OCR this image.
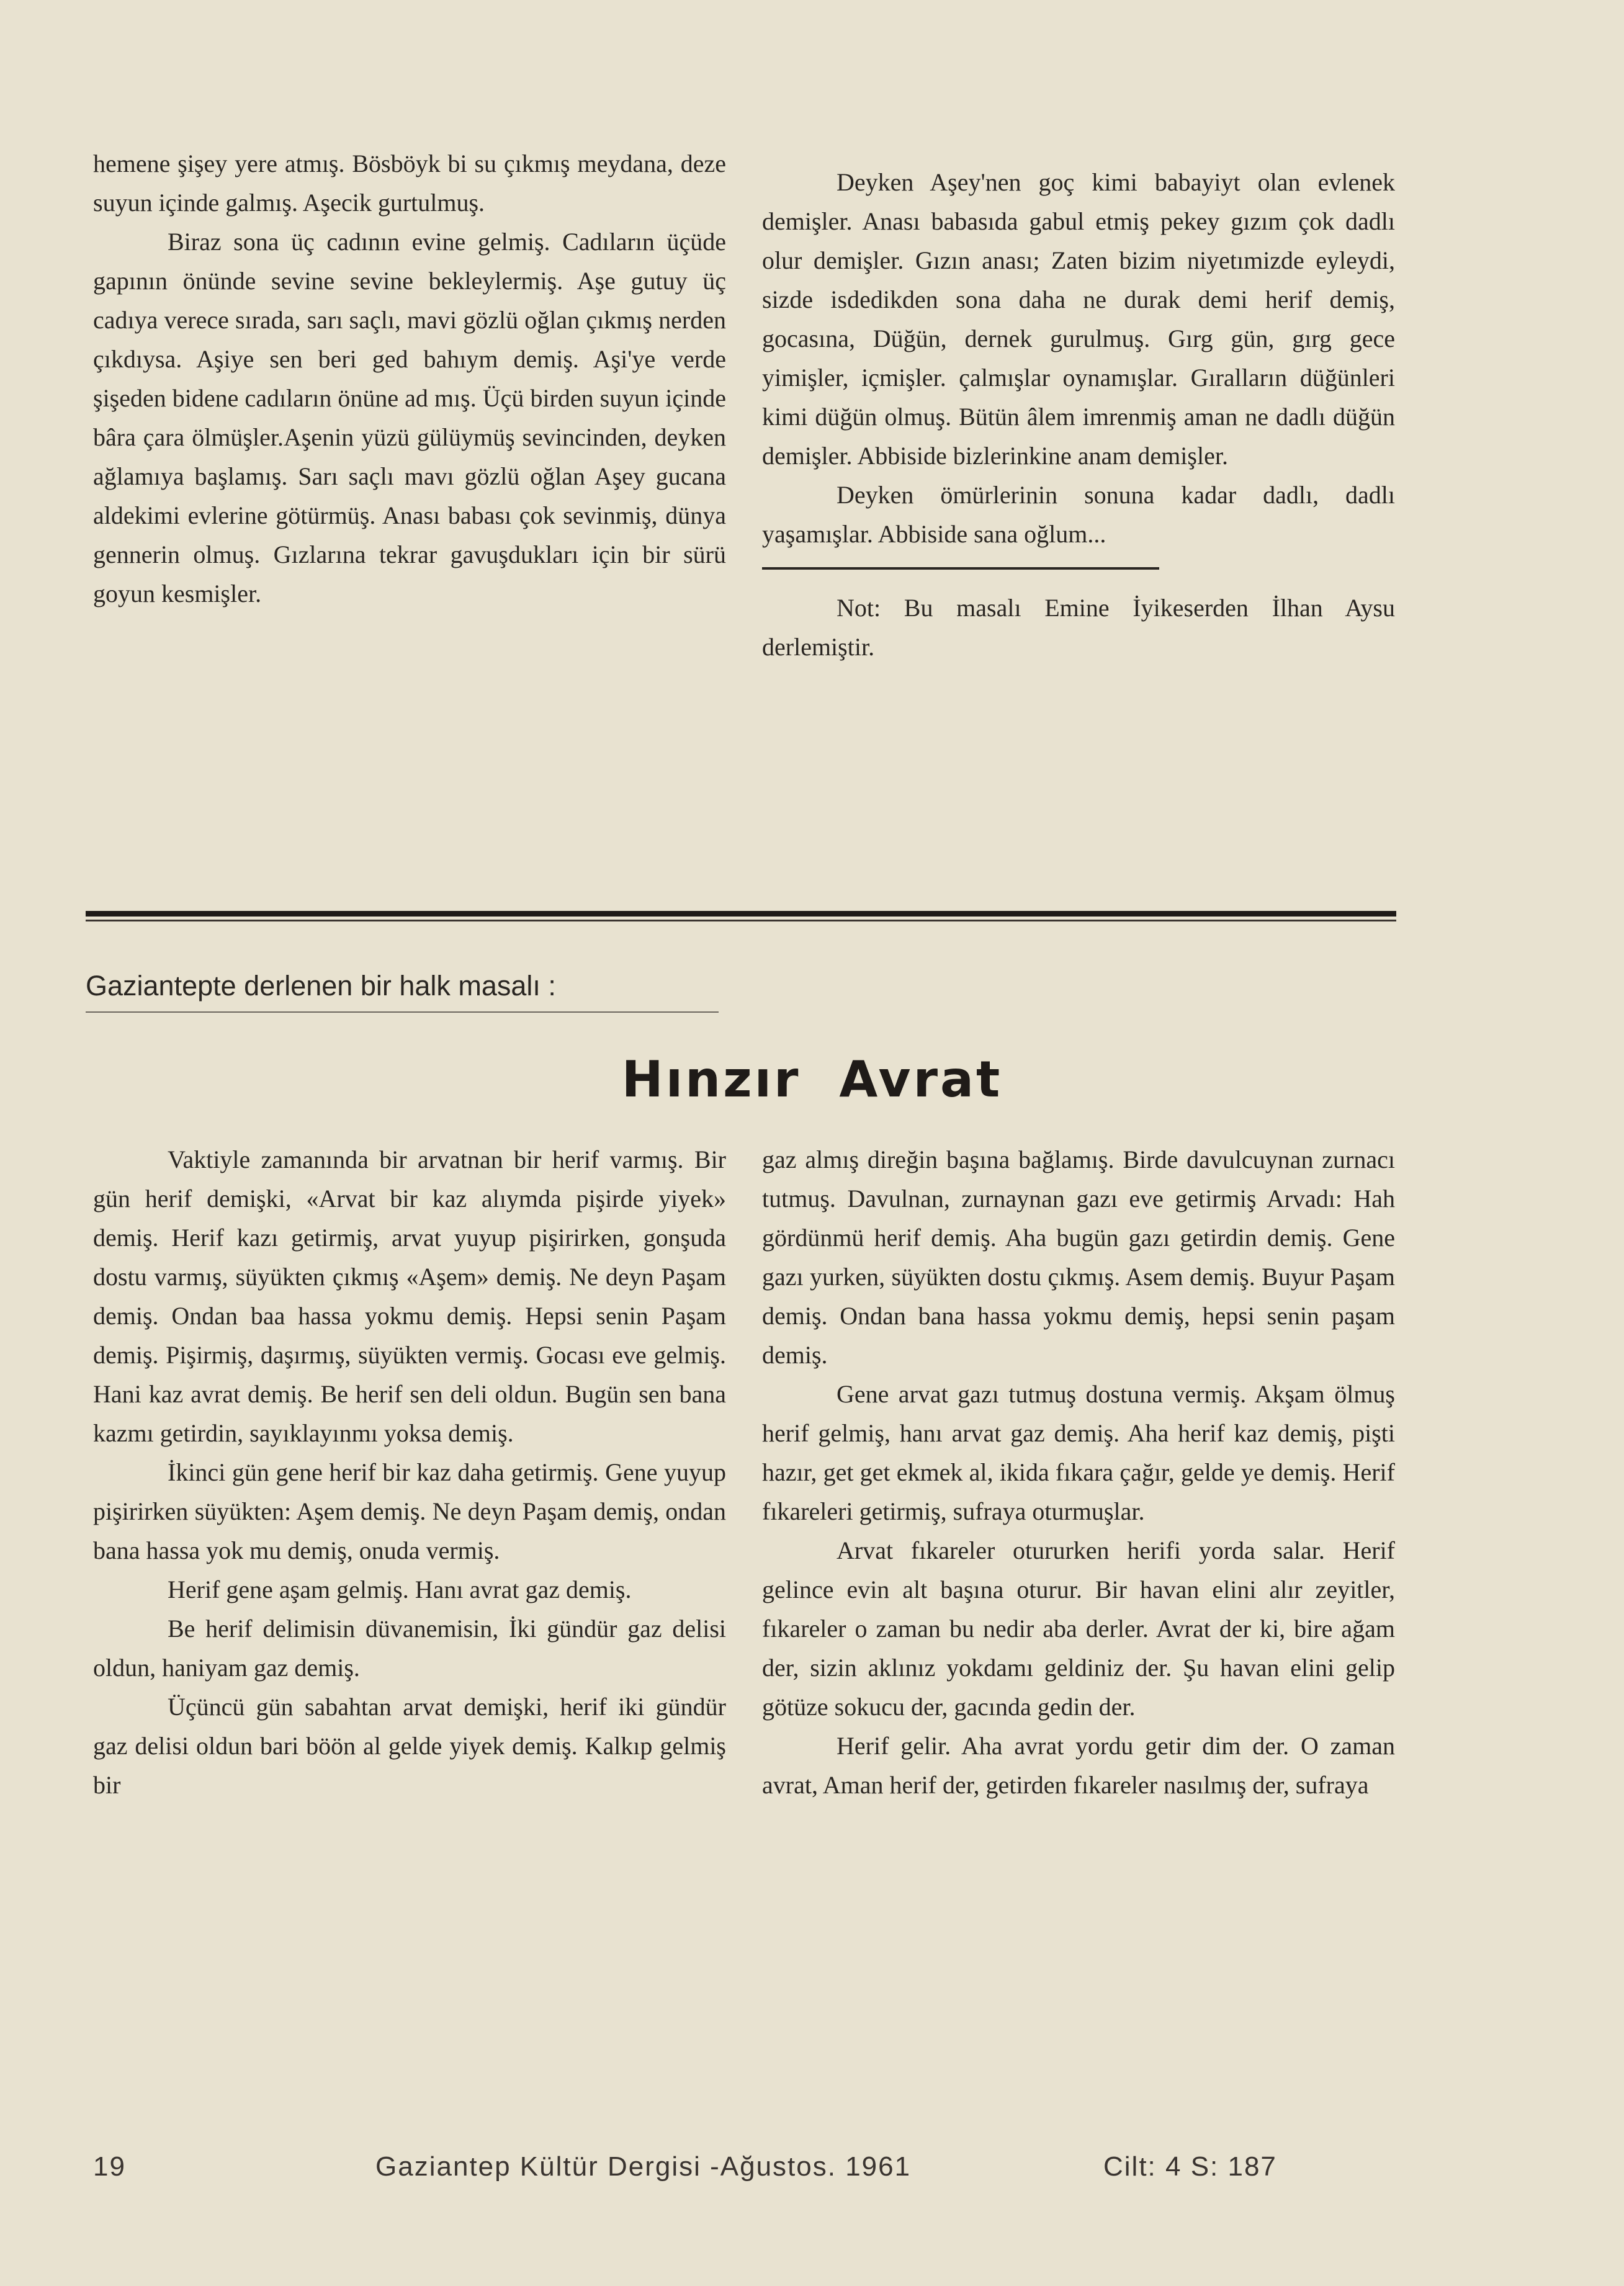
hemene şişey yere atmış. Bösböyk bi su çıkmış meydana, deze suyun içinde galmış. Aşecik gurtulmuş.

Biraz sona üç cadının evine gelmiş. Cadıların üçüde gapının önünde sevine sevine bekleylermiş. Aşe gutuy üç cadıya verece sırada, sarı saçlı, mavi gözlü oğlan çıkmış nerden çıkdıysa. Aşiye sen beri ged bahıym demiş. Aşi'ye verde şişeden bidene cadıların önüne ad mış. Üçü birden suyun içinde bâra çara ölmüşler.Aşenin yüzü gülüymüş sevincinden, deyken ağlamıya başlamış. Sarı saçlı mavı gözlü oğlan Aşey gucana aldekimi evlerine götürmüş. Anası babası çok sevinmiş, dünya gennerin olmuş. Gızlarına tekrar gavuşdukları için bir sürü goyun kesmişler.

Deyken Aşey'nen goç kimi babayiyt olan evlenek demişler. Anası babasıda gabul etmiş pekey gızım çok dadlı olur demişler. Gızın anası; Zaten bizim niyetımizde eyleydi, sizde isdedikden sona daha ne durak demi herif demiş, gocasına, Düğün, dernek gurulmuş. Gırg gün, gırg gece yimişler, içmişler. çalmışlar oynamışlar. Gıralların düğünleri kimi düğün olmuş. Bütün âlem imrenmiş aman ne dadlı düğün demişler. Abbiside bizlerinkine anam demişler.

Deyken ömürlerinin sonuna kadar dadlı, dadlı yaşamışlar. Abbiside sana oğlum...

Not: Bu masalı Emine İyikeserden İlhan Aysu derlemiştir.

Gaziantepte derlenen bir halk masalı :
Hınzır Avrat

Vaktiyle zamanında bir arvatnan bir herif varmış. Bir gün herif demişki, «Arvat bir kaz alıymda pişirde yiyek» demiş. Herif kazı getirmiş, arvat yuyup pişirirken, gonşuda dostu varmış, süyükten çıkmış «Aşem» demiş. Ne deyn Paşam demiş. Ondan baa hassa yokmu demiş. Hepsi senin Paşam demiş. Pişirmiş, daşırmış, süyükten vermiş. Gocası eve gelmiş. Hani kaz avrat demiş. Be herif sen deli oldun. Bugün sen bana kazmı getirdin, sayıklayınmı yoksa demiş.

İkinci gün gene herif bir kaz daha getirmiş. Gene yuyup pişirirken süyükten: Aşem demiş. Ne deyn Paşam demiş, ondan bana hassa yok mu demiş, onuda vermiş.

Herif gene aşam gelmiş. Hanı avrat gaz demiş.

Be herif delimisin düvanemisin, İki gündür gaz delisi oldun, haniyam gaz demiş.

Üçüncü gün sabahtan arvat demişki, herif iki gündür gaz delisi oldun bari böön al gelde yiyek demiş. Kalkıp gelmiş bir

gaz almış direğin başına bağlamış. Birde davulcuynan zurnacı tutmuş. Davulnan, zurnaynan gazı eve getirmiş Arvadı: Hah gördünmü herif demiş. Aha bugün gazı getirdin demiş. Gene gazı yurken, süyükten dostu çıkmış. Asem demiş. Buyur Paşam demiş. Ondan bana hassa yokmu demiş, hepsi senin paşam demiş.

Gene arvat gazı tutmuş dostuna vermiş. Akşam ölmuş herif gelmiş, hanı arvat gaz demiş. Aha herif kaz demiş, pişti hazır, get get ekmek al, ikida fıkara çağır, gelde ye demiş. Herif fıkareleri getirmiş, sufraya oturmuşlar.

Arvat fıkareler otururken herifi yorda salar. Herif gelince evin alt başına oturur. Bir havan elini alır zeyitler, fıkareler o zaman bu nedir aba derler. Avrat der ki, bire ağam der, sizin aklınız yokdamı geldiniz der. Şu havan elini gelip götüze sokucu der, gacında gedin der.

Herif gelir. Aha avrat yordu getir dim der. O zaman avrat, Aman herif der, getirden fıkareler nasılmış der, sufraya

19	Gaziantep Kültür Dergisi -Ağustos. 1961	Cilt: 4 S: 187
